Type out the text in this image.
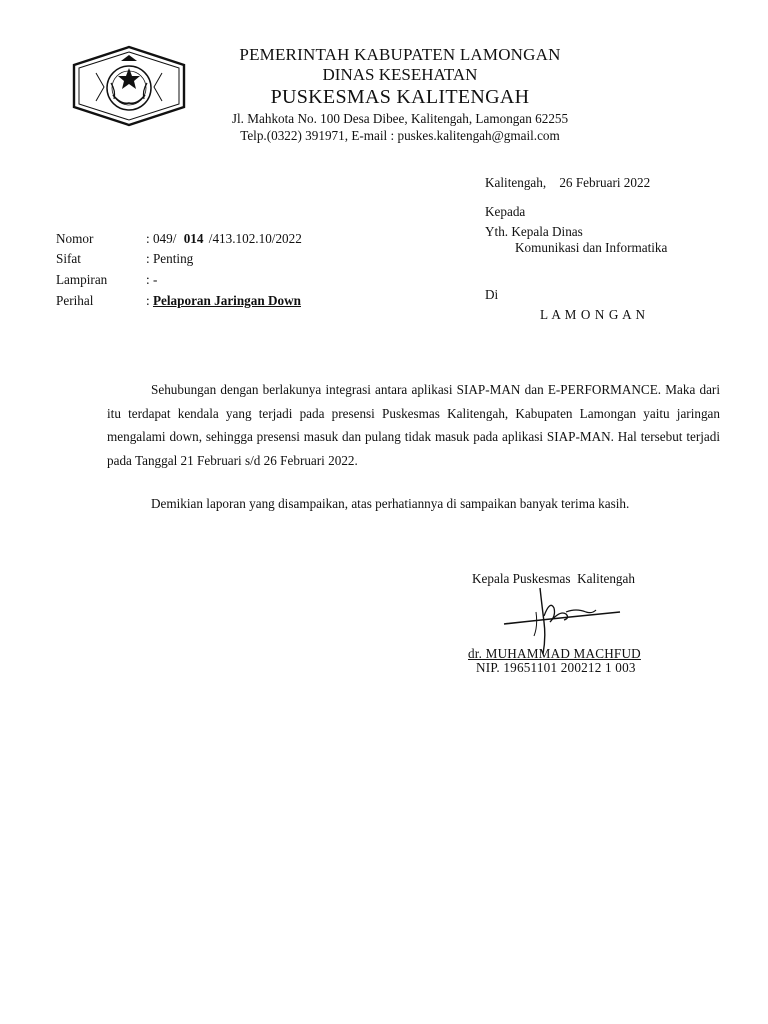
PEMERINTAH KABUPATEN LAMONGAN
DINAS KESEHATAN
PUSKESMAS KALITENGAH
Jl. Mahkota No. 100 Desa Dibee, Kalitengah, Lamongan 62255
Telp.(0322) 391971, E-mail : puskes.kalitengah@gmail.com
Kalitengah,    26 Februari 2022
Kepada
Yth. Kepala Dinas
Komunikasi dan Informatika
Di
L A M O N G A N
Nomor	: 049/ 014 /413.102.10/2022
Sifat	: Penting
Lampiran	: -
Perihal	: Pelaporan Jaringan Down

Sehubungan dengan berlakunya integrasi antara aplikasi SIAP-MAN dan E-PERFORMANCE. Maka dari itu terdapat kendala yang terjadi pada presensi Puskesmas Kalitengah, Kabupaten Lamongan yaitu jaringan mengalami down, sehingga presensi masuk dan pulang tidak masuk pada aplikasi SIAP-MAN. Hal tersebut terjadi pada Tanggal 21 Februari s/d 26 Februari 2022.

Demikian laporan yang disampaikan, atas perhatiannya di sampaikan banyak terima kasih.

Kepala Puskesmas  Kalitengah
dr. MUHAMMAD MACHFUD
NIP. 19651101 200212 1 003
